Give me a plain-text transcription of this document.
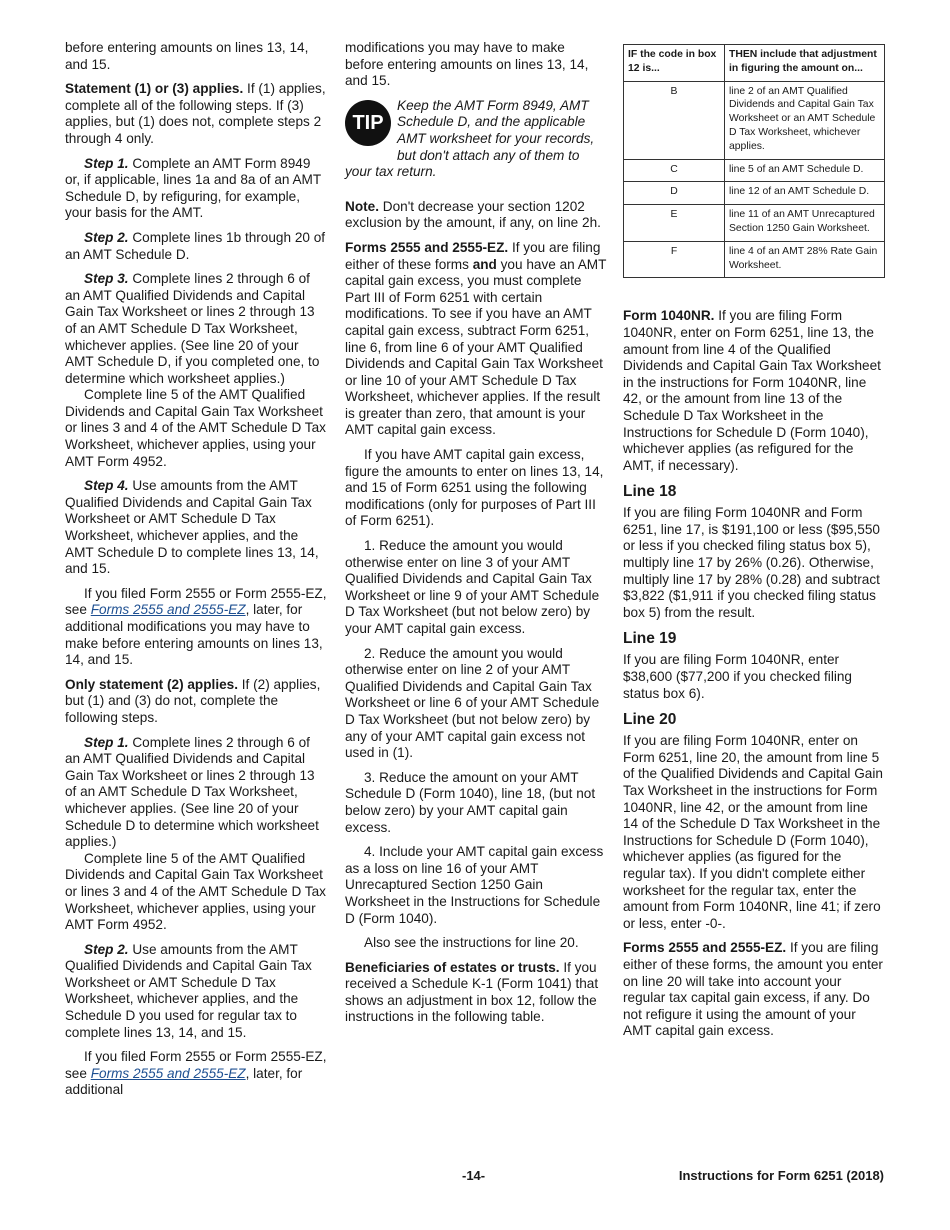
before entering amounts on lines 13, 14, and 15.

Statement (1) or (3) applies. If (1) applies, complete all of the following steps. If (3) applies, but (1) does not, complete steps 2 through 4 only.

Step 1. Complete an AMT Form 8949 or, if applicable, lines 1a and 8a of an AMT Schedule D, by refiguring, for example, your basis for the AMT.

Step 2. Complete lines 1b through 20 of an AMT Schedule D.

Step 3. Complete lines 2 through 6 of an AMT Qualified Dividends and Capital Gain Tax Worksheet or lines 2 through 13 of an AMT Schedule D Tax Worksheet, whichever applies. (See line 20 of your AMT Schedule D, if you completed one, to determine which worksheet applies.)

Complete line 5 of the AMT Qualified Dividends and Capital Gain Tax Worksheet or lines 3 and 4 of the AMT Schedule D Tax Worksheet, whichever applies, using your AMT Form 4952.

Step 4. Use amounts from the AMT Qualified Dividends and Capital Gain Tax Worksheet or AMT Schedule D Tax Worksheet, whichever applies, and the AMT Schedule D to complete lines 13, 14, and 15.

If you filed Form 2555 or Form 2555-EZ, see Forms 2555 and 2555-EZ, later, for additional modifications you may have to make before entering amounts on lines 13, 14, and 15.

Only statement (2) applies. If (2) applies, but (1) and (3) do not, complete the following steps.

Step 1. Complete lines 2 through 6 of an AMT Qualified Dividends and Capital Gain Tax Worksheet or lines 2 through 13 of an AMT Schedule D Tax Worksheet, whichever applies. (See line 20 of your Schedule D to determine which worksheet applies.)

Complete line 5 of the AMT Qualified Dividends and Capital Gain Tax Worksheet or lines 3 and 4 of the AMT Schedule D Tax Worksheet, whichever applies, using your AMT Form 4952.

Step 2. Use amounts from the AMT Qualified Dividends and Capital Gain Tax Worksheet or AMT Schedule D Tax Worksheet, whichever applies, and the Schedule D you used for regular tax to complete lines 13, 14, and 15.

If you filed Form 2555 or Form 2555-EZ, see Forms 2555 and 2555-EZ, later, for additional

modifications you may have to make before entering amounts on lines 13, 14, and 15.

TIP
Keep the AMT Form 8949, AMT Schedule D, and the applicable AMT worksheet for your records, but don't attach any of them to your tax return.

Note. Don't decrease your section 1202 exclusion by the amount, if any, on line 2h.

Forms 2555 and 2555-EZ. If you are filing either of these forms and you have an AMT capital gain excess, you must complete Part III of Form 6251 with certain modifications. To see if you have an AMT capital gain excess, subtract Form 6251, line 6, from line 6 of your AMT Qualified Dividends and Capital Gain Tax Worksheet or line 10 of your AMT Schedule D Tax Worksheet, whichever applies. If the result is greater than zero, that amount is your AMT capital gain excess.

If you have AMT capital gain excess, figure the amounts to enter on lines 13, 14, and 15 of Form 6251 using the following modifications (only for purposes of Part III of Form 6251).

1. Reduce the amount you would otherwise enter on line 3 of your AMT Qualified Dividends and Capital Gain Tax Worksheet or line 9 of your AMT Schedule D Tax Worksheet (but not below zero) by your AMT capital gain excess.

2. Reduce the amount you would otherwise enter on line 2 of your AMT Qualified Dividends and Capital Gain Tax Worksheet or line 6 of your AMT Schedule D Tax Worksheet (but not below zero) by any of your AMT capital gain excess not used in (1).

3. Reduce the amount on your AMT Schedule D (Form 1040), line 18, (but not below zero) by your AMT capital gain excess.

4. Include your AMT capital gain excess as a loss on line 16 of your AMT Unrecaptured Section 1250 Gain Worksheet in the Instructions for Schedule D (Form 1040).

Also see the instructions for line 20.

Beneficiaries of estates or trusts. If you received a Schedule K-1 (Form 1041) that shows an adjustment in box 12, follow the instructions in the following table.

IF the code in box 12 is...	THEN include that adjustment in figuring the amount on...
B	line 2 of an AMT Qualified Dividends and Capital Gain Tax Worksheet or an AMT Schedule D Tax Worksheet, whichever applies.
C	line 5 of an AMT Schedule D.
D	line 12 of an AMT Schedule D.
E	line 11 of an AMT Unrecaptured Section 1250 Gain Worksheet.
F	line 4 of an AMT 28% Rate Gain Worksheet.

Form 1040NR. If you are filing Form 1040NR, enter on Form 6251, line 13, the amount from line 4 of the Qualified Dividends and Capital Gain Tax Worksheet in the instructions for Form 1040NR, line 42, or the amount from line 13 of the Schedule D Tax Worksheet in the Instructions for Schedule D (Form 1040), whichever applies (as refigured for the AMT, if necessary).

Line 18

If you are filing Form 1040NR and Form 6251, line 17, is $191,100 or less ($95,550 or less if you checked filing status box 5), multiply line 17 by 26% (0.26). Otherwise, multiply line 17 by 28% (0.28) and subtract $3,822 ($1,911 if you checked filing status box 5) from the result.

Line 19

If you are filing Form 1040NR, enter $38,600 ($77,200 if you checked filing status box 6).

Line 20

If you are filing Form 1040NR, enter on Form 6251, line 20, the amount from line 5 of the Qualified Dividends and Capital Gain Tax Worksheet in the instructions for Form 1040NR, line 42, or the amount from line 14 of the Schedule D Tax Worksheet in the Instructions for Schedule D (Form 1040), whichever applies (as figured for the regular tax). If you didn't complete either worksheet for the regular tax, enter the amount from Form 1040NR, line 41; if zero or less, enter -0-.

Forms 2555 and 2555-EZ. If you are filing either of these forms, the amount you enter on line 20 will take into account your regular tax capital gain excess, if any. Do not refigure it using the amount of your AMT capital gain excess.

-14-	Instructions for Form 6251 (2018)
